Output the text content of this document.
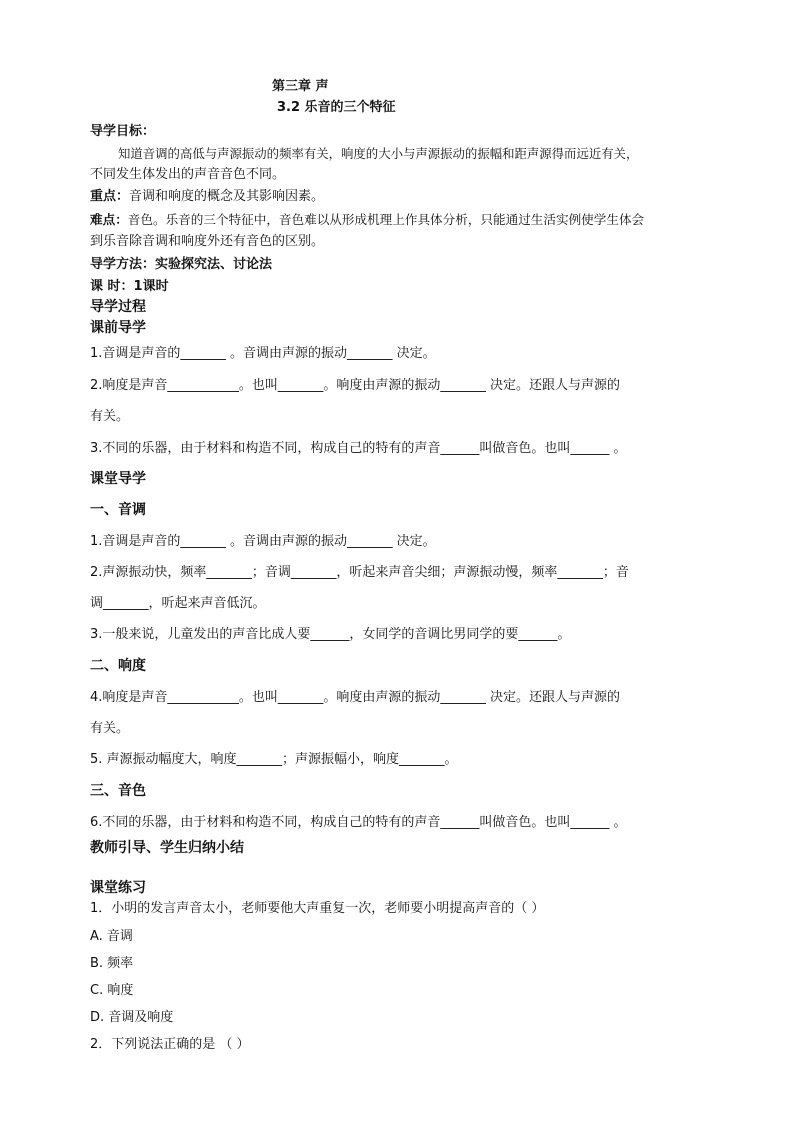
第三章 声
3.2 乐音的三个特征
导学目标：
知道音调的高低与声源振动的频率有关，响度的大小与声源振动的振幅和距声源得而远近有关，
不同发生体发出的声音音色不同。
重点：音调和响度的概念及其影响因素。
难点：音色。乐音的三个特征中，音色难以从形成机理上作具体分析，只能通过生活实例使学生体会
到乐音除音调和响度外还有音色的区别。
导学方法：实验探究法、讨论法
课 时：1课时
导学过程
课前导学
1.音调是声音的_______ 。音调由声源的振动_______ 决定。
2.响度是声音___________。也叫_______。响度由声源的振动_______ 决定。还跟人与声源的
有关。
3.不同的乐器，由于材料和构造不同，构成自己的特有的声音______叫做音色。也叫______ 。
课堂导学
一、音调
1.音调是声音的_______ 。音调由声源的振动_______ 决定。
2.声源振动快，频率_______；音调_______，听起来声音尖细；声源振动慢，频率_______；音
调_______，听起来声音低沉。
3.一般来说，儿童发出的声音比成人要______，女同学的音调比男同学的要______。
二、响度
4.响度是声音___________。也叫_______。响度由声源的振动_______ 决定。还跟人与声源的
有关。
5. 声源振动幅度大，响度_______；声源振幅小，响度_______。
三、音色
6.不同的乐器，由于材料和构造不同，构成自己的特有的声音______叫做音色。也叫______ 。
教师引导、学生归纳小结
课堂练习
1．小明的发言声音太小，老师要他大声重复一次，老师要小明提高声音的（ ）
A. 音调
B. 频率
C. 响度
D. 音调及响度
2．下列说法正确的是 （ ）
